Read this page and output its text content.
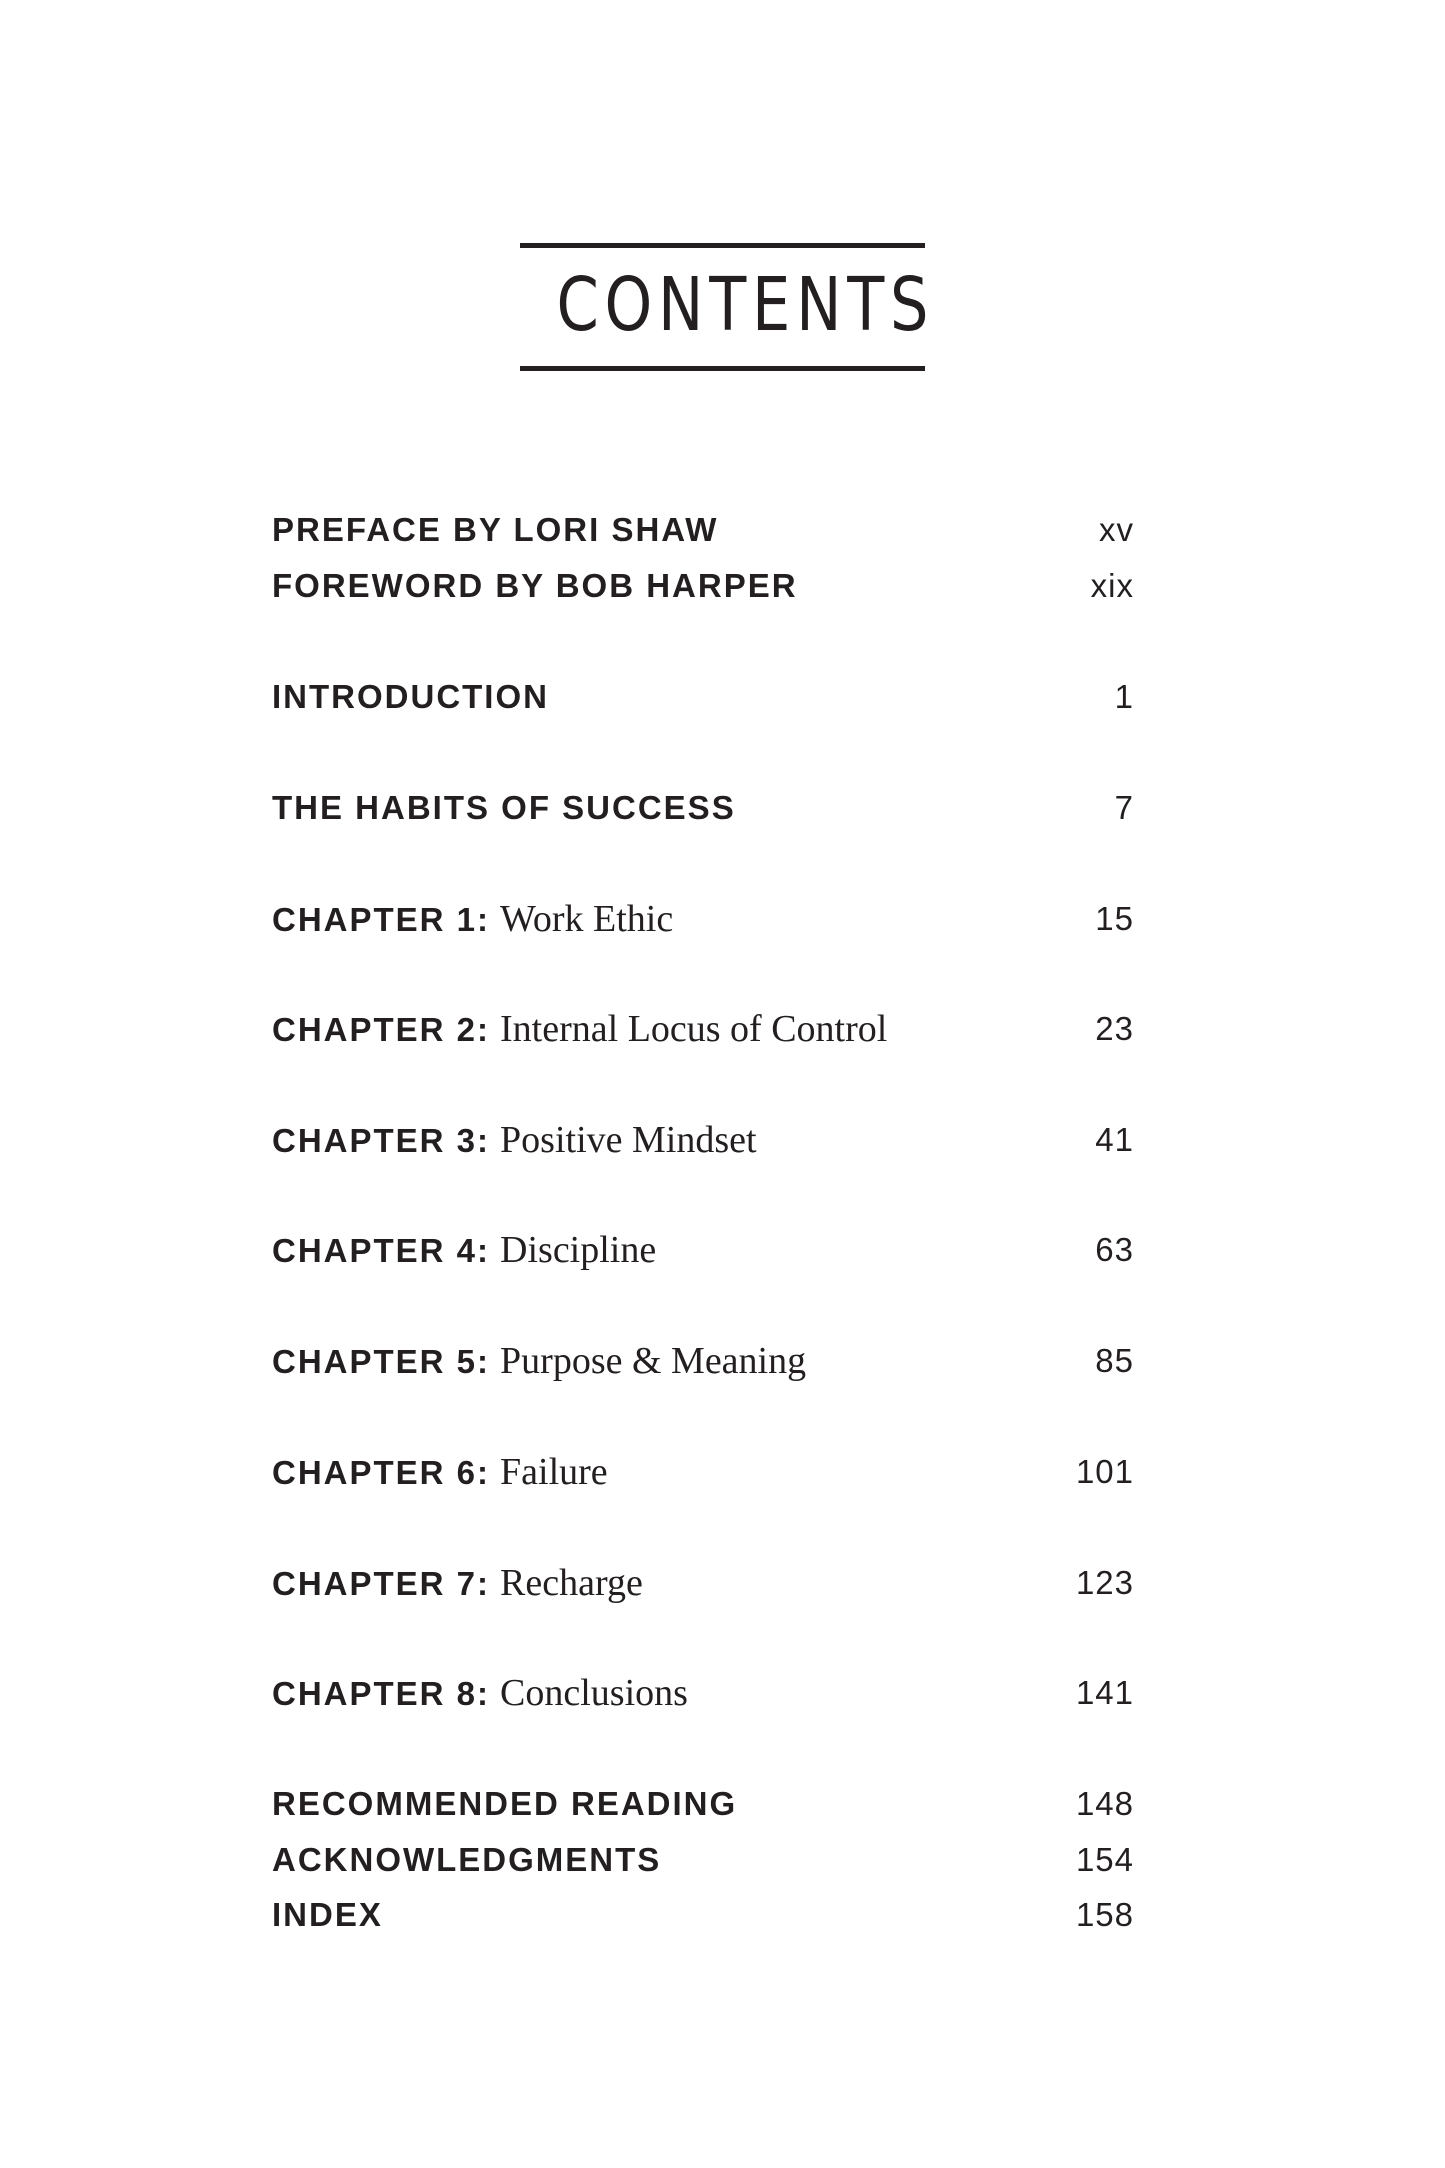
CONTENTS
PREFACE BY LORI SHAW	xv
FOREWORD BY BOB HARPER	xix
INTRODUCTION	1
THE HABITS OF SUCCESS	7
CHAPTER 1: Work Ethic	15
CHAPTER 2: Internal Locus of Control	23
CHAPTER 3: Positive Mindset	41
CHAPTER 4: Discipline	63
CHAPTER 5: Purpose & Meaning	85
CHAPTER 6: Failure	101
CHAPTER 7: Recharge	123
CHAPTER 8: Conclusions	141
RECOMMENDED READING	148
ACKNOWLEDGMENTS	154
INDEX	158
